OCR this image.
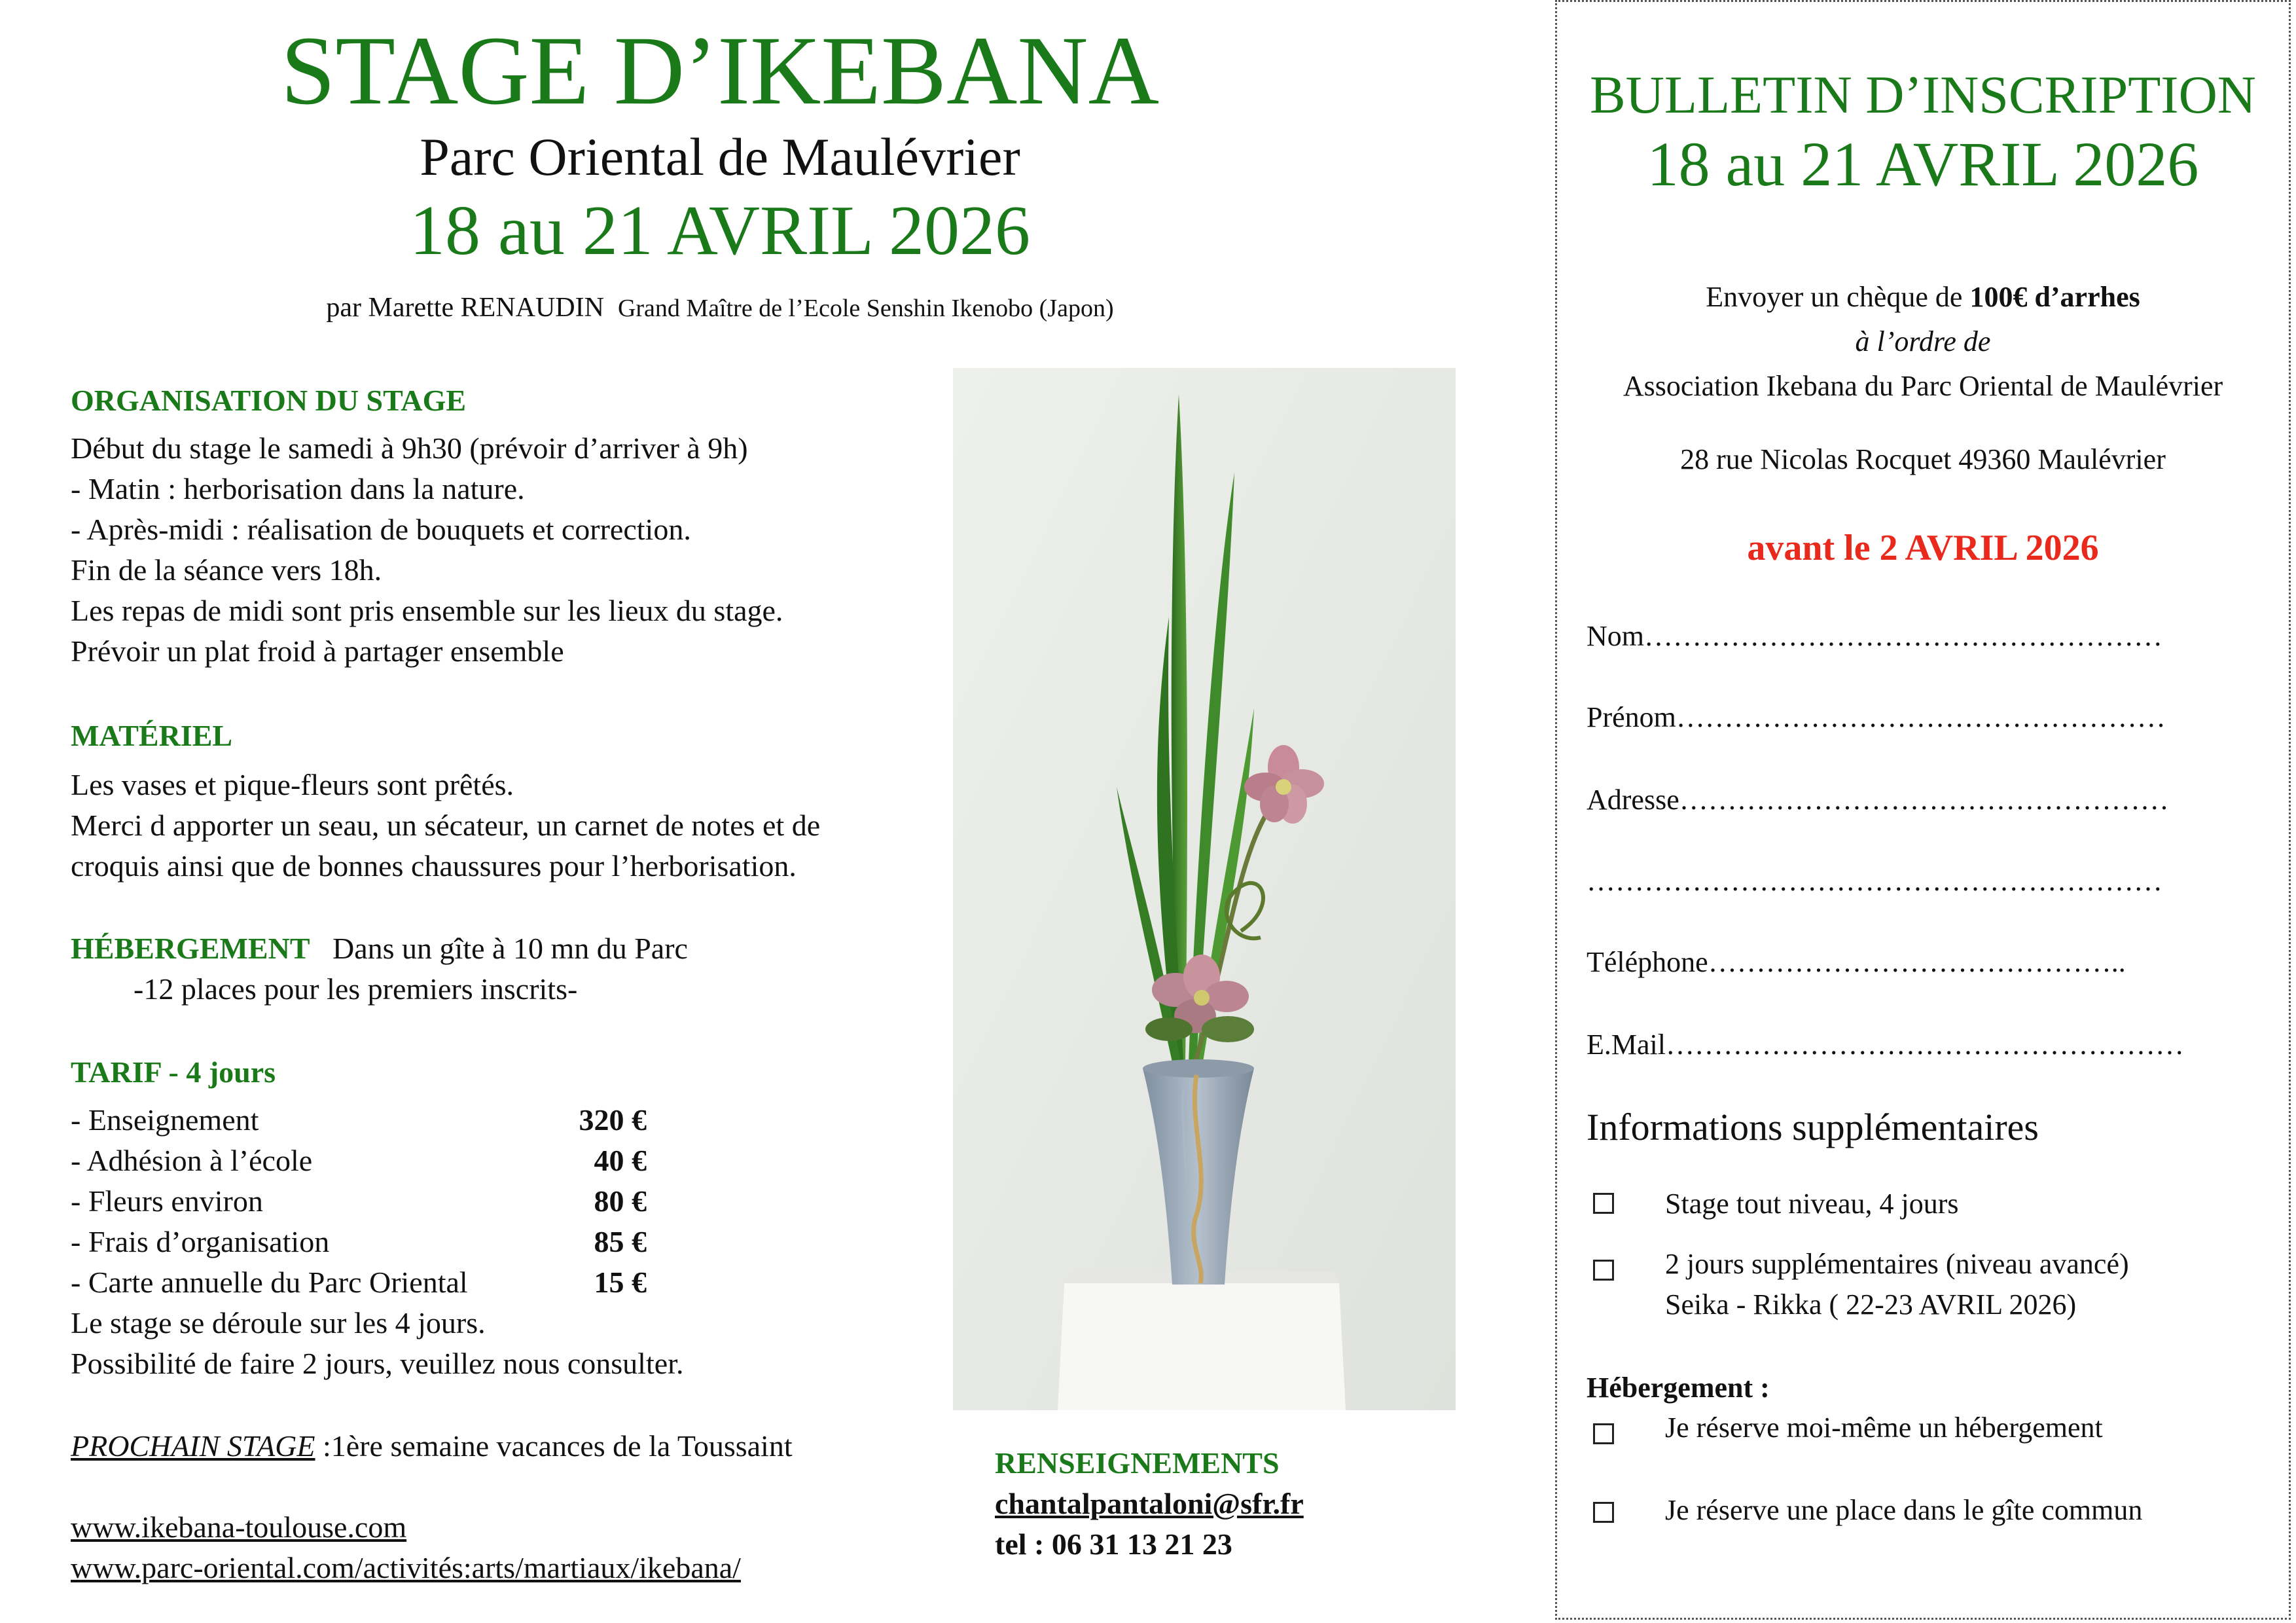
STAGE D’IKEBANA
Parc Oriental de Maulévrier
18 au 21 AVRIL 2026
par Marette RENAUDIN Grand Maître de l’Ecole Senshin Ikenobo (Japon)
ORGANISATION DU STAGE
Début du stage le samedi à 9h30 (prévoir d’arriver à 9h)
- Matin : herborisation dans la nature.
- Après-midi : réalisation de bouquets et correction.
Fin de la séance vers 18h.
Les repas de midi sont pris ensemble sur les lieux du stage.
Prévoir un plat froid à partager ensemble
MATÉRIEL
Les vases et pique-fleurs sont prêtés.
Merci d apporter un seau, un sécateur, un carnet de notes et de
croquis ainsi que de bonnes chaussures pour l’herborisation.
HÉBERGEMENT Dans un gîte à 10 mn du Parc
-12 places pour les premiers inscrits-
TARIF - 4 jours
- Enseignement	320 €
- Adhésion à l’école	40 €
- Fleurs environ	80 €
- Frais d’organisation	85 €
- Carte annuelle du Parc Oriental	15 €
Le stage se déroule sur les 4 jours.
Possibilité de faire 2 jours, veuillez nous consulter.
PROCHAIN STAGE :1ère semaine vacances de la Toussaint
www.ikebana-toulouse.com
www.parc-oriental.com/activités:arts/martiaux/ikebana/
RENSEIGNEMENTS
chantalpantaloni@sfr.fr
tel : 06 31 13 21 23
BULLETIN D’INSCRIPTION
18 au 21 AVRIL 2026
Envoyer un chèque de 100€ d’arrhes
à l’ordre de
Association Ikebana du Parc Oriental de Maulévrier
28 rue Nicolas Rocquet 49360 Maulévrier
avant le 2 AVRIL 2026
Nom………………………………………………
Prénom……………………………………………
Adresse……………………………………………
……………………………………………………
Téléphone……………………………………..
E.Mail………………………………………………
Informations supplémentaires
Stage tout niveau, 4 jours
2 jours supplémentaires (niveau avancé)
Seika - Rikka ( 22-23 AVRIL 2026)
Hébergement :
Je réserve moi-même un hébergement
Je réserve une place dans le gîte commun
